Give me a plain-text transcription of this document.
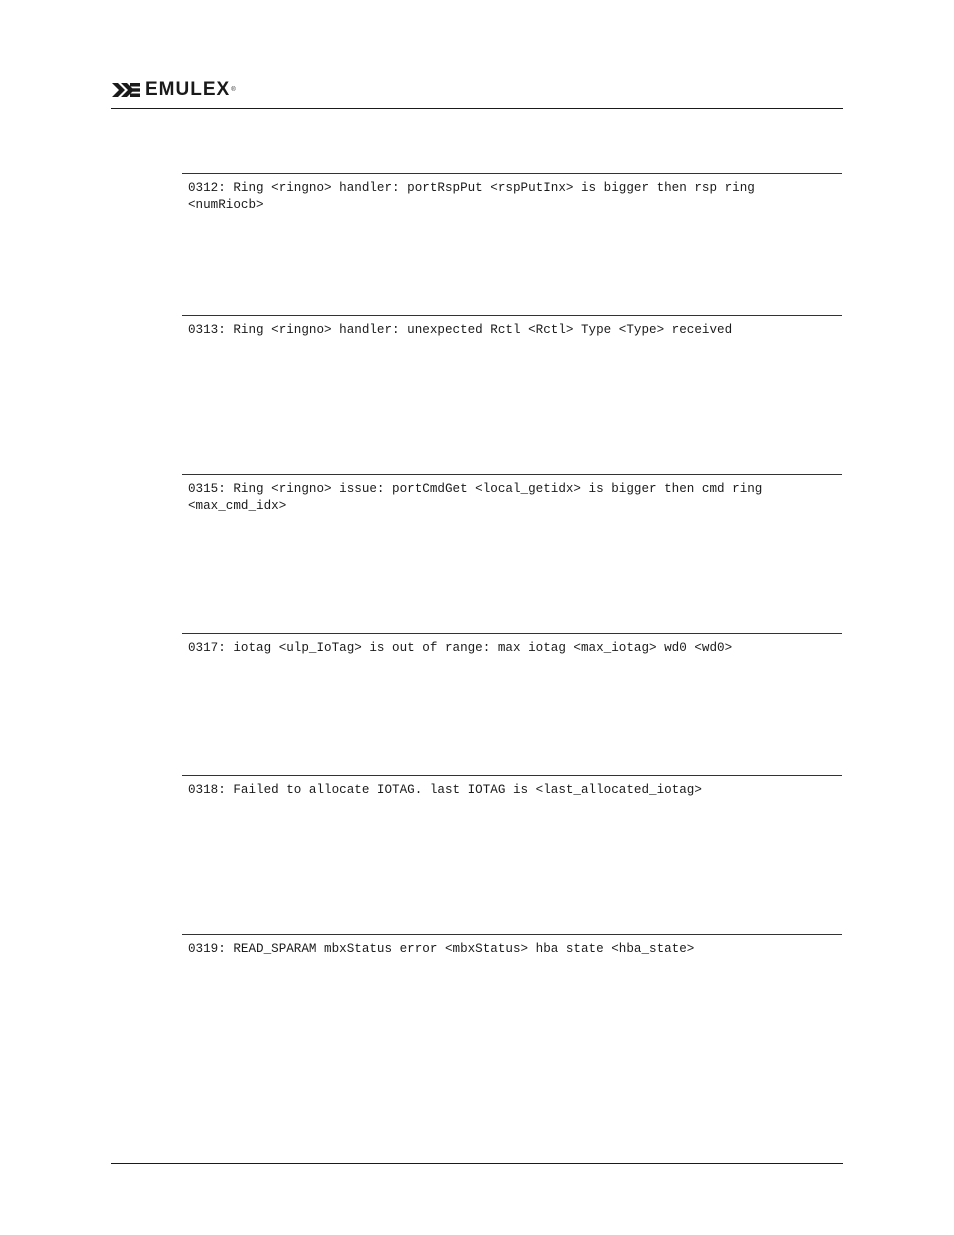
EMULEX ®

0312: Ring <ringno> handler: portRspPut <rspPutInx> is bigger then rsp ring
<numRiocb>

0313: Ring <ringno> handler: unexpected Rctl <Rctl> Type <Type> received

0315: Ring <ringno> issue: portCmdGet <local_getidx> is bigger then cmd ring
<max_cmd_idx>

0317: iotag <ulp_IoTag> is out of range: max iotag <max_iotag> wd0 <wd0>

0318: Failed to allocate IOTAG. last IOTAG is <last_allocated_iotag>

0319: READ_SPARAM mbxStatus error <mbxStatus> hba state <hba_state>
